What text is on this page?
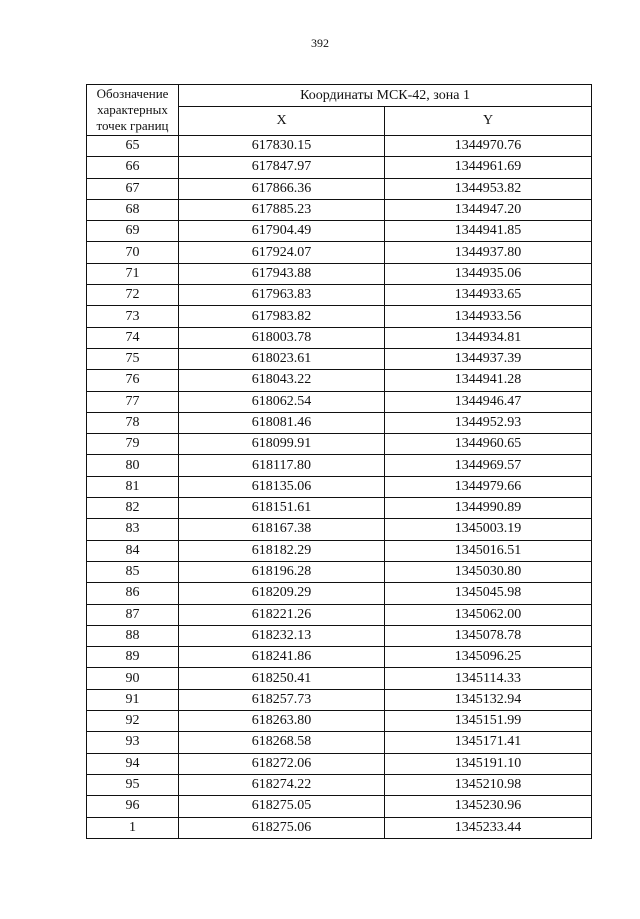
392
Обозначение характерных точек границ	Координаты МСК-42, зона 1	
	X	Y
65	617830.15	1344970.76
66	617847.97	1344961.69
67	617866.36	1344953.82
68	617885.23	1344947.20
69	617904.49	1344941.85
70	617924.07	1344937.80
71	617943.88	1344935.06
72	617963.83	1344933.65
73	617983.82	1344933.56
74	618003.78	1344934.81
75	618023.61	1344937.39
76	618043.22	1344941.28
77	618062.54	1344946.47
78	618081.46	1344952.93
79	618099.91	1344960.65
80	618117.80	1344969.57
81	618135.06	1344979.66
82	618151.61	1344990.89
83	618167.38	1345003.19
84	618182.29	1345016.51
85	618196.28	1345030.80
86	618209.29	1345045.98
87	618221.26	1345062.00
88	618232.13	1345078.78
89	618241.86	1345096.25
90	618250.41	1345114.33
91	618257.73	1345132.94
92	618263.80	1345151.99
93	618268.58	1345171.41
94	618272.06	1345191.10
95	618274.22	1345210.98
96	618275.05	1345230.96
1	618275.06	1345233.44
